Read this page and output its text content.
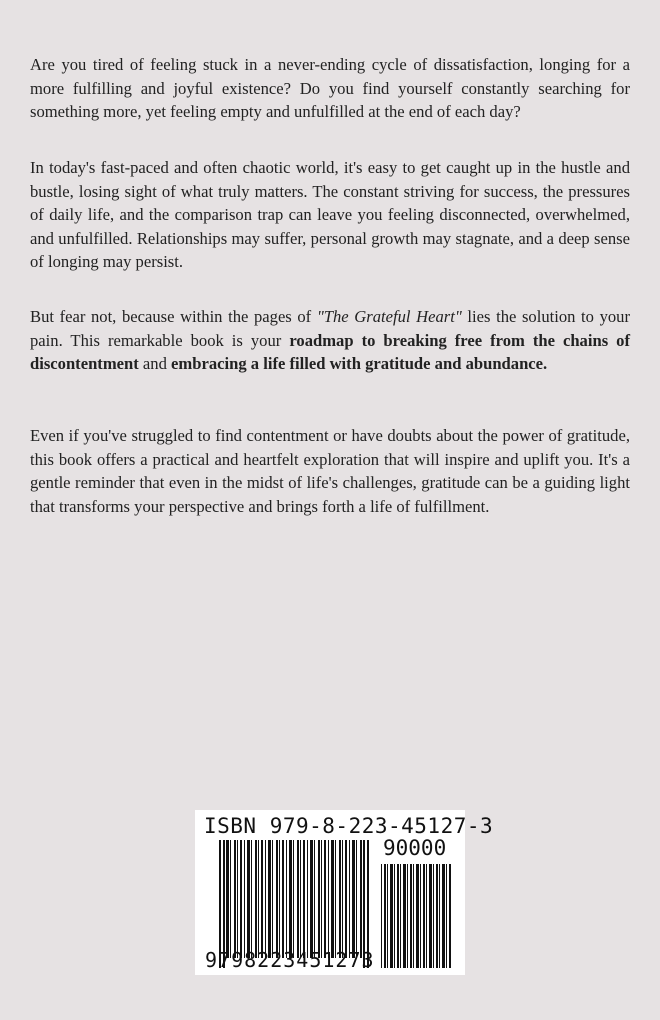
Are you tired of feeling stuck in a never-ending cycle of dissatisfaction, longing for a more fulfilling and joyful existence? Do you find yourself constantly searching for something more, yet feeling empty and unfulfilled at the end of each day?

In today's fast-paced and often chaotic world, it's easy to get caught up in the hustle and bustle, losing sight of what truly matters. The constant striving for success, the pressures of daily life, and the comparison trap can leave you feeling disconnected, overwhelmed, and unfulfilled. Relationships may suffer, personal growth may stagnate, and a deep sense of longing may persist.

But fear not, because within the pages of "The Grateful Heart" lies the solution to your pain. This remarkable book is your roadmap to breaking free from the chains of discontentment and embracing a life filled with gratitude and abundance.

Even if you've struggled to find contentment or have doubts about the power of gratitude, this book offers a practical and heartfelt exploration that will inspire and uplift you. It's a gentle reminder that even in the midst of life's challenges, gratitude can be a guiding light that transforms your perspective and brings forth a life of fulfillment.

ISBN 979-8-223-45127-3
90000
9798223451273
